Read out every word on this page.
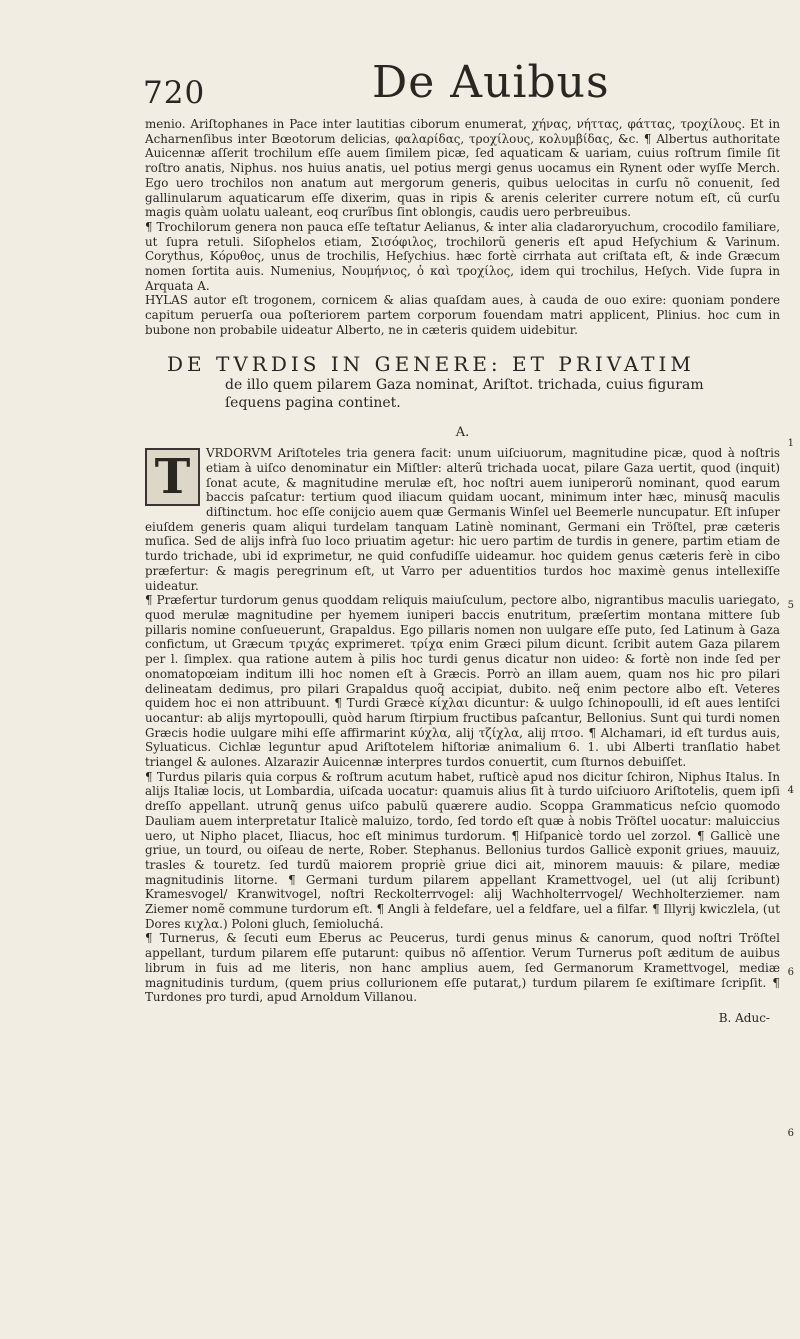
720	De Auibus

menio. Ariſtophanes in Pace inter lautitias ciborum enumerat, χήνας, νήττας, φάττας, τροχίλους. Et in Acharnenſibus inter Bœotorum delicias, φαλαρίδας, τροχίλους, κολυμβίδας, &c. ¶ Albertus authoritate Auicennæ aſſerit trochilum eſſe auem ſimilem picæ, ſed aquaticam & uariam, cuius roſtrum ſimile ſit roſtro anatis, Niphus. nos huius anatis, uel potius mergi genus uocamus ein Rynent oder wyſſe Merch. Ego uero trochilos non anatum aut mergorum generis, quibus uelocitas in curſu nõ conuenit, ſed gallinularum aquaticarum eſſe dixerim, quas in ripis & arenis celeriter currere notum eſt, cũ curſu magis quàm uolatu ualeant, eoq crurĩbus ſint oblongis, caudis uero perbreuibus.

¶ Trochilorum genera non pauca eſſe teſtatur Aelianus, & inter alia cladaroryuchum, crocodilo familiare, ut ſupra retuli. Siſophelos etiam, Σισόφιλος, trochilorũ generis eſt apud Heſychium & Varinum. Corythus, Κόρυθος, unus de trochilis, Heſychius. hæc fortè cirrhata aut criſtata eſt, & inde Græcum nomen ſortita auis. Numenius, Νουμήνιος, ὁ καὶ τροχίλος, idem qui trochilus, Heſych. Vide ſupra in Arquata A.

HYLAS autor eſt trogonem, cornicem & alias quaſdam aues, à cauda de ouo exire: quoniam pondere capitum peruerſa oua poſteriorem partem corporum fouendam matri applicent, Plinius. hoc cum in bubone non probabile uideatur Alberto, ne in cæteris quidem uidebitur.

DE TVRDIS IN GENERE: ET PRIVATIM

de illo quem pilarem Gaza nominat, Ariſtot. trichada, cuius figuram ſequens pagina continet.

A.
T	VRDORVM Ariſtoteles tria genera facit: unum uiſciuorum, magnitudine picæ, quod à noſtris etiam à uiſco denominatur ein Miſtler: alterũ trichada uocat, pilare Gaza uertit, quod (inquit) ſonat acute, & magnitudine merulæ eſt, hoc noſtri auem iuniperorũ nominant, quod earum baccis paſcatur: tertium quod iliacum quidam uocant, minimum inter hæc, minusq̃ maculis diſtinctum. hoc eſſe conijcio auem quæ Germanis Winſel uel Beemerle nuncupatur. Eſt inſuper eiuſdem generis quam aliqui turdelam tanquam Latinè nominant, Germani ein Tröſtel, præ cæteris muſica. Sed de alijs infrà ſuo loco priuatim agetur: hic uero partim de turdis in genere, partim etiam de turdo trichade, ubi id exprimetur, ne quid confudiſſe uideamur. hoc quidem genus cæteris ferè in cibo præfertur: & magis peregrinum eſt, ut Varro per aduentitios turdos hoc maximè genus intellexiſſe uideatur.

¶ Præfertur turdorum genus quoddam reliquis maiuſculum, pectore albo, nigrantibus maculis uariegato, quod merulæ magnitudine per hyemem iuniperi baccis enutritum, præſertim montana mittere ſub pillaris nomine conſueuerunt, Grapaldus. Ego pillaris nomen non uulgare eſſe puto, ſed Latinum à Gaza confictum, ut Græcum τριχάς exprimeret. τρίχα enim Græci pilum dicunt. ſcribit autem Gaza pilarem per l. ſimplex. qua ratione autem à pilis hoc turdi genus dicatur non uideo: & fortè non inde ſed per onomatopœiam inditum illi hoc nomen eſt à Græcis. Porrò an illam auem, quam nos hic pro pilari delineatam dedimus, pro pilari Grapaldus quoq̃ accipiat, dubito. neq̃ enim pectore albo eſt. Veteres quidem hoc ei non attribuunt. ¶ Turdi Græcè κίχλαι dicuntur: & uulgo ſchinopoulli, id eſt aues lentiſci uocantur: ab alijs myrtopoulli, quòd harum ſtirpium fructibus paſcantur, Bellonius. Sunt qui turdi nomen Græcis hodie uulgare mihi eſſe affirmarint κύχλα, alij τζίχλα, alij πτσο. ¶ Alchamari, id eſt turdus auis, Syluaticus. Cichlæ leguntur apud Ariſtotelem hiſtoriæ animalium 6. 1. ubi Alberti tranſlatio habet triangel & aulones. Alzarazir Auicennæ interpres turdos conuertit, cum ſturnos debuiſſet.

¶ Turdus pilaris quia corpus & roſtrum acutum habet, ruſticè apud nos dicitur ſchiron, Niphus Italus. In alijs Italiæ locis, ut Lombardia, uiſcada uocatur: quamuis alius ſit à turdo uiſciuoro Ariſtotelis, quem ipſi dreſſo appellant. utrunq̃ genus uiſco pabulũ quærere audio. Scoppa Grammaticus neſcio quomodo Dauliam auem interpretatur Italicè maluizo, tordo, ſed tordo eſt quæ à nobis Tröſtel uocatur: maluiccius uero, ut Nipho placet, Iliacus, hoc eſt minimus turdorum. ¶ Hiſpanicè tordo uel zorzol. ¶ Gallicè une griue, un tourd, ou oiſeau de nerte, Rober. Stephanus. Bellonius turdos Gallicè exponit griues, mauuiz, trasles & touretz. ſed turdũ maiorem propriè griue dici ait, minorem mauuis: & pilare, mediæ magnitudinis litorne. ¶ Germani turdum pilarem appellant Kramettvogel, uel (ut alij ſcribunt) Kramesvogel/ Kranwitvogel, noſtri Reckolterrvogel: alij Wachholterrvogel/ Wechholterziemer. nam Ziemer nomẽ commune turdorum eſt. ¶ Angli à feldefare, uel a feldfare, uel a filfar. ¶ Illyrij kwiczlela, (ut Dores κιχλα.) Poloni gluch, ſemioluchá.

¶ Turnerus, & ſecuti eum Eberus ac Peucerus, turdi genus minus & canorum, quod noſtri Tröſtel appellant, turdum pilarem eſſe putarunt: quibus nõ aſſentior. Verum Turnerus poſt æditum de auibus librum in fuis ad me literis, non hanc amplius auem, ſed Germanorum Kramettvogel, mediæ magnitudinis turdum, (quem prius collurionem eſſe putarat,) turdum pilarem ſe exiſtimare ſcripſit. ¶ Turdones pro turdi, apud Arnoldum Villanou.

B. Aduc-
1
5
4
6
6
